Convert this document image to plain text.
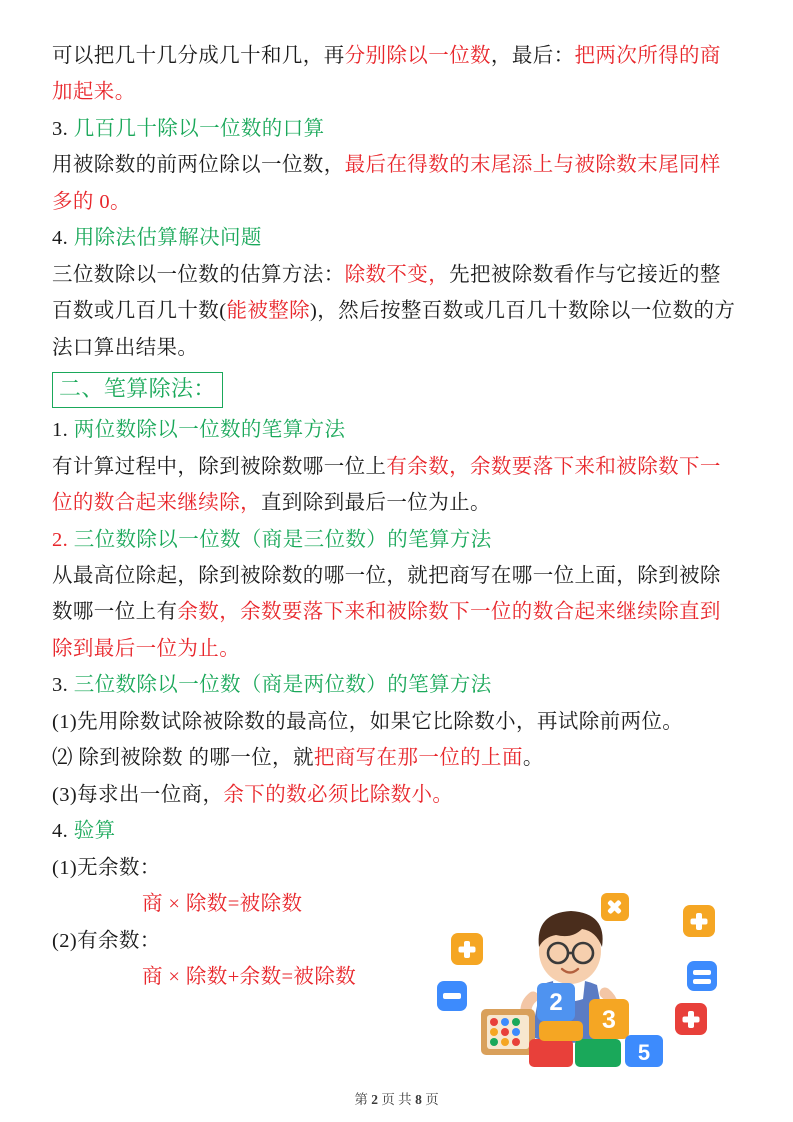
可以把几十几分成几十和几，再分别除以一位数，最后：把两次所得的商加起来。

3. 几百几十除以一位数的口算

用被除数的前两位除以一位数，最后在得数的末尾添上与被除数末尾同样多的 0。

4. 用除法估算解决问题

三位数除以一位数的估算方法：除数不变，先把被除数看作与它接近的整百数或几百几十数(能被整除)，然后按整百数或几百几十数除以一位数的方法口算出结果。

二、笔算除法：

1. 两位数除以一位数的笔算方法

有计算过程中，除到被除数哪一位上有余数，余数要落下来和被除数下一位的数合起来继续除，直到除到最后一位为止。

2. 三位数除以一位数（商是三位数）的笔算方法

从最高位除起，除到被除数的哪一位，就把商写在哪一位上面，除到被除数哪一位上有余数，余数要落下来和被除数下一位的数合起来继续除直到除到最后一位为止。

3. 三位数除以一位数（商是两位数）的笔算方法

(1)先用除数试除被除数的最高位，如果它比除数小，再试除前两位。

⑵ 除到被除数 的哪一位，就把商写在那一位的上面。

(3)每求出一位商，余下的数必须比除数小。

4. 验算

(1)无余数：

商 × 除数=被除数

(2)有余数：

商 × 除数+余数=被除数

2
3
5
第 2 页 共 8 页
